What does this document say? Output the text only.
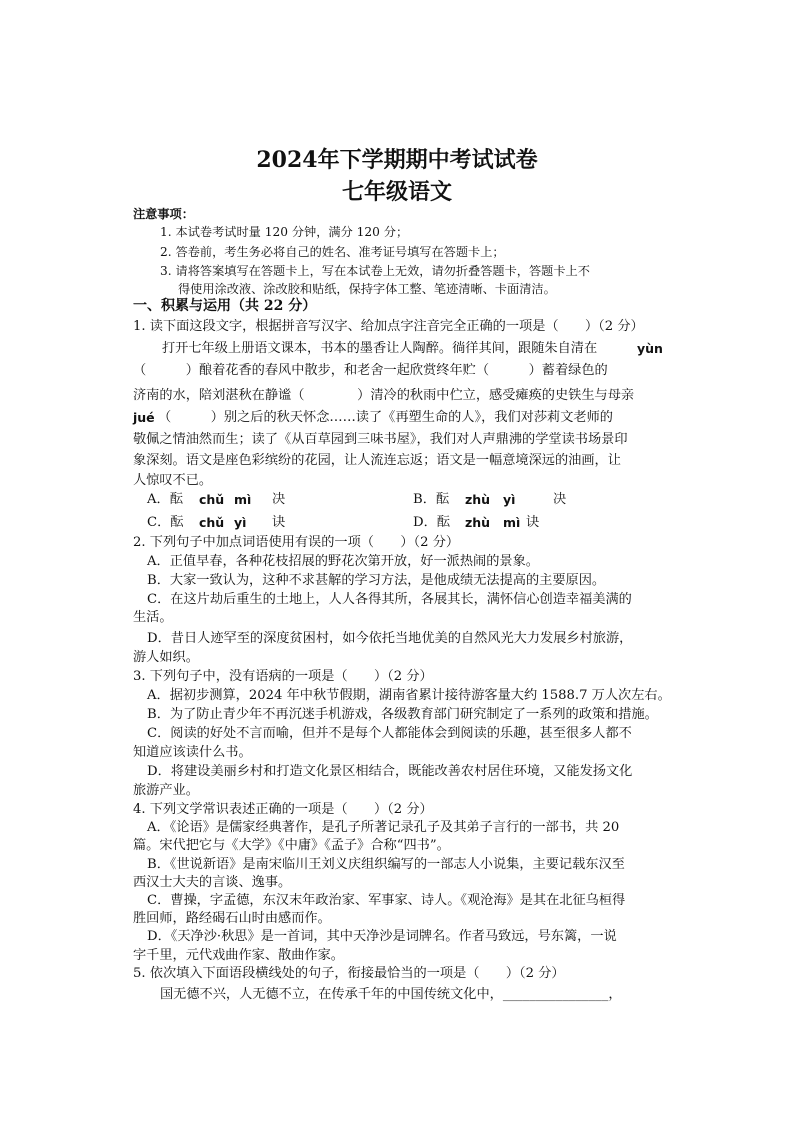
2024年下学期期中考试试卷
七年级语文
注意事项：
1. 本试卷考试时量 120 分钟，满分 120 分；
2. 答卷前，考生务必将自己的姓名、准考证号填写在答题卡上；
3. 请将答案填写在答题卡上，写在本试卷上无效，请勿折叠答题卡，答题卡上不
得使用涂改液、涂改胶和贴纸，保持字体工整、笔迹清晰、卡面清洁。
一、积累与运用（共 22 分）
1. 读下面这段文字，根据拼音写汉字、给加点字注音完全正确的一项是（　　）（2 分）
打开七年级上册语文课本，书本的墨香让人陶醉。徜徉其间，跟随朱自清在	yùn
（　　　）酿着花香的春风中散步，和老舍一起欣赏终年贮（　　　）蓄着绿色的
济南的水，陪刘湛秋在静谧（　　　　）清冷的秋雨中伫立，感受瘫痪的史铁生与母亲
jué （　　　）别之后的秋天怀念……读了《再塑生命的人》，我们对莎莉文老师的
敬佩之情油然而生；读了《从百草园到三味书屋》，我们对人声鼎沸的学堂读书场景印
象深刻。语文是座色彩缤纷的花园，让人流连忘返；语文是一幅意境深远的油画，让
人惊叹不已。
A．酝 chǔ mì 决	B．酝 zhù yì	决
C．酝 chǔ yì 诀	D．酝 zhù mì 诀
2. 下列句子中加点词语使用有误的一项（　　）（2 分）
A．正值早春，各种花枝招展的野花次第开放，好一派热闹的景象。
B．大家一致认为，这种不求甚解的学习方法，是他成绩无法提高的主要原因。
C．在这片劫后重生的土地上，人人各得其所，各展其长，满怀信心创造幸福美满的
生活。
D．昔日人迹罕至的深度贫困村，如今依托当地优美的自然风光大力发展乡村旅游，
游人如织。
3. 下列句子中，没有语病的一项是（　　）（2 分）
A．据初步测算，2024 年中秋节假期，湖南省累计接待游客量大约 1588.7 万人次左右。
B．为了防止青少年不再沉迷手机游戏，各级教育部门研究制定了一系列的政策和措施。
C．阅读的好处不言而喻，但并不是每个人都能体会到阅读的乐趣，甚至很多人都不
知道应该读什么书。
D．将建设美丽乡村和打造文化景区相结合，既能改善农村居住环境，又能发扬文化
旅游产业。
4. 下列文学常识表述正确的一项是（　　）（2 分）
A．《论语》是儒家经典著作，是孔子所著记录孔子及其弟子言行的一部书，共 20
篇。宋代把它与《大学》《中庸》《孟子》合称“四书”。
B．《世说新语》是南宋临川王刘义庆组织编写的一部志人小说集，主要记载东汉至
西汉士大夫的言谈、逸事。
C．曹操，字孟德，东汉末年政治家、军事家、诗人。《观沧海》是其在北征乌桓得
胜回师，路经碣石山时由感而作。
D．《天净沙·秋思》是一首词，其中天净沙是词牌名。作者马致远，号东篱，一说
字千里，元代戏曲作家、散曲作家。
5. 依次填入下面语段横线处的句子，衔接最恰当的一项是（　　）（2 分）
国无德不兴，人无德不立，在传承千年的中国传统文化中，________________，
